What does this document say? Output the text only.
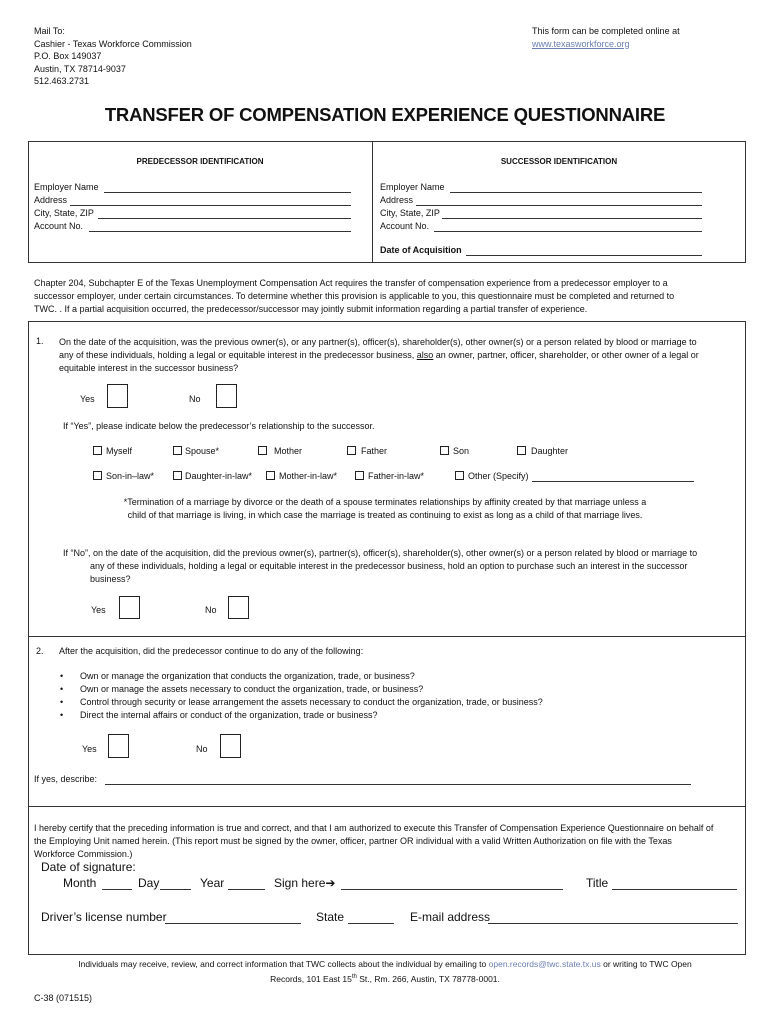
Mail To:
Cashier - Texas Workforce Commission
P.O. Box 149037
Austin, TX 78714-9037
512.463.2731
This form can be completed online at
www.texasworkforce.org
TRANSFER OF COMPENSATION EXPERIENCE QUESTIONNAIRE
PREDECESSOR IDENTIFICATION	SUCCESSOR IDENTIFICATION
Employer Name
Address
City, State, ZIP
Account No.
Employer Name
Address
City, State, ZIP
Account No.
Date of Acquisition
Chapter 204, Subchapter E of the Texas Unemployment Compensation Act requires the transfer of compensation experience from a predecessor employer to a
successor employer, under certain circumstances. To determine whether this provision is applicable to you, this questionnaire must be completed and returned to
TWC. . If a partial acquisition occurred, the predecessor/successor may jointly submit information regarding a partial transfer of experience.
1. On the date of the acquisition, was the previous owner(s), or any partner(s), officer(s), shareholder(s), other owner(s) or a person related by blood or marriage to
any of these individuals, holding a legal or equitable interest in the predecessor business, also an owner, partner, officer, shareholder, or other owner of a legal or
equitable interest in the successor business?
Yes	No
If “Yes”, please indicate below the predecessor’s relationship to the successor.
Myself	Spouse*	Mother	Father	Son	Daughter
Son-in–law*	Daughter-in-law*	Mother-in-law*	Father-in-law*	Other (Specify)
*Termination of a marriage by divorce or the death of a spouse terminates relationships by affinity created by that marriage unless a
child of that marriage is living, in which case the marriage is treated as continuing to exist as long as a child of that marriage lives.
If “No”, on the date of the acquisition, did the previous owner(s), partner(s), officer(s), shareholder(s), other owner(s) or a person related by blood or marriage to
any of these individuals, holding a legal or equitable interest in the predecessor business, hold an option to purchase such an interest in the successor
business?
Yes	No
2. After the acquisition, did the predecessor continue to do any of the following:
• Own or manage the organization that conducts the organization, trade, or business?
• Own or manage the assets necessary to conduct the organization, trade, or business?
• Control through security or lease arrangement the assets necessary to conduct the organization, trade, or business?
• Direct the internal affairs or conduct of the organization, trade or business?
Yes	No
If yes, describe:
I hereby certify that the preceding information is true and correct, and that I am authorized to execute this Transfer of Compensation Experience Questionnaire on behalf of
the Employing Unit named herein. (This report must be signed by the owner, officer, partner OR individual with a valid Written Authorization on file with the Texas
Workforce Commission.)
Date of signature:
Month	Day	Year	Sign here➔	Title
Driver’s license number	State	E-mail address
Individuals may receive, review, and correct information that TWC collects about the individual by emailing to open.records@twc.state.tx.us or writing to TWC Open
Records, 101 East 15th St., Rm. 266, Austin, TX 78778-0001.
C-38 (071515)
